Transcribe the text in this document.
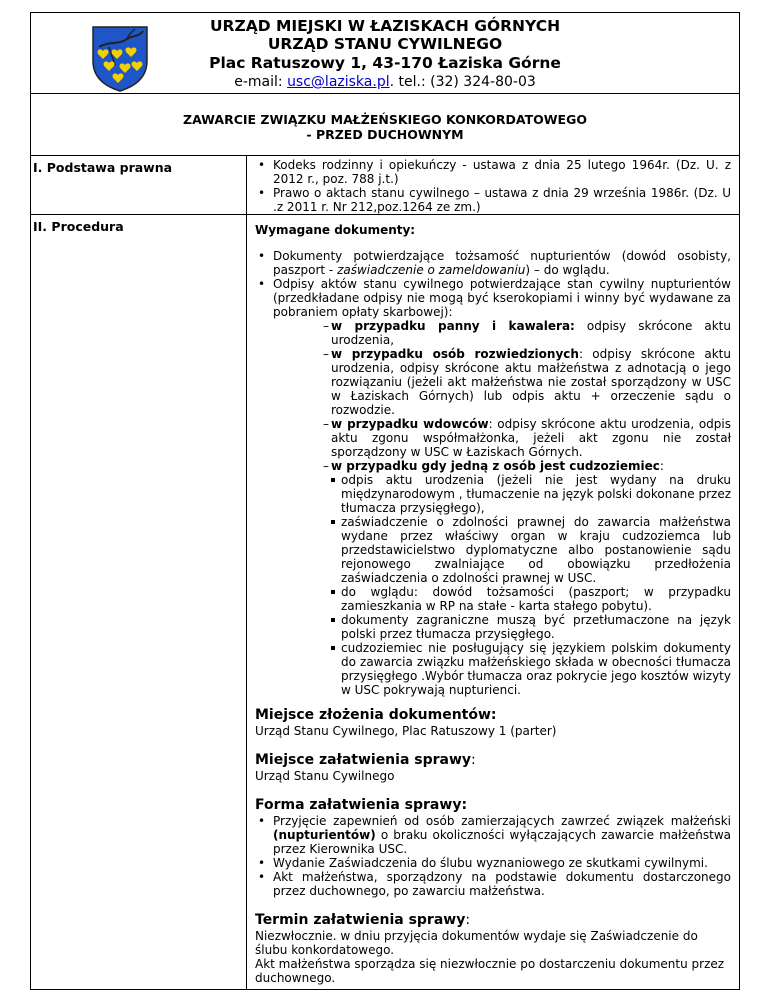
URZĄD MIEJSKI W ŁAZISKACH GÓRNYCH
URZĄD STANU CYWILNEGO
Plac Ratuszowy 1, 43-170 Łaziska Górne
e-mail: usc@laziska.pl. tel.: (32) 324-80-03
ZAWARCIE ZWIĄZKU MAŁŻEŃSKIEGO KONKORDATOWEGO
- PRZED DUCHOWNYM
I. Podstawa prawna
•	Kodeks rodzinny i opiekuńczy - ustawa z dnia 25 lutego 1964r. (Dz. U. z 2012 r., poz. 788 j.t.)
• Prawo o aktach stanu cywilnego – ustawa z dnia 29 września 1986r. (Dz. U .z 2011 r. Nr 212,poz.1264 ze zm.)
II. Procedura	Wymagane dokumenty:
• Dokumenty potwierdzające tożsamość nupturientów (dowód osobisty, paszport - zaświadczenie o zameldowaniu) – do wglądu.
• Odpisy aktów stanu cywilnego potwierdzające stan cywilny nupturientów (przedkładane odpisy nie mogą być kserokopiami i winny być wydawane za pobraniem opłaty skarbowej):
– w przypadku panny i kawalera: odpisy skrócone aktu urodzenia,
– w przypadku osób rozwiedzionych: odpisy skrócone aktu urodzenia, odpisy skrócone aktu małżeństwa z adnotacją o jego rozwiązaniu (jeżeli akt małżeństwa nie został sporządzony w USC w Łaziskach Górnych) lub odpis aktu + orzeczenie sądu o rozwodzie.
– w przypadku wdowców: odpisy skrócone aktu urodzenia, odpis aktu zgonu współmałżonka, jeżeli akt zgonu nie został sporządzony w USC w Łaziskach Górnych.
– w przypadku gdy jedną z osób jest cudzoziemiec:
odpis aktu urodzenia (jeżeli nie jest wydany na druku międzynarodowym , tłumaczenie na język polski dokonane przez tłumacza przysięgłego),
zaświadczenie o zdolności prawnej do zawarcia małżeństwa wydane przez właściwy organ w kraju cudzoziemca lub przedstawicielstwo dyplomatyczne albo postanowienie sądu rejonowego zwalniające od obowiązku przedłożenia zaświadczenia o zdolności prawnej w USC.
do wglądu: dowód tożsamości (paszport; w przypadku zamieszkania w RP na stałe - karta stałego pobytu).
dokumenty zagraniczne muszą być przetłumaczone na język polski przez tłumacza przysięgłego.
cudzoziemiec nie posługujący się językiem polskim dokumenty do zawarcia związku małżeńskiego składa w obecności tłumacza przysięgłego .Wybór tłumacza oraz pokrycie jego kosztów wizyty w USC pokrywają nupturienci.
Miejsce złożenia dokumentów:
Urząd Stanu Cywilnego, Plac Ratuszowy 1 (parter)
Miejsce załatwienia sprawy:
Urząd Stanu Cywilnego
Forma załatwienia sprawy:
• Przyjęcie zapewnień od osób zamierzających zawrzeć związek małżeński (nupturientów) o braku okoliczności wyłączających zawarcie małżeństwa przez Kierownika USC.
• Wydanie Zaświadczenia do ślubu wyznaniowego ze skutkami cywilnymi.
• Akt małżeństwa, sporządzony na podstawie dokumentu dostarczonego przez duchownego, po zawarciu małżeństwa.
Termin załatwienia sprawy:
Niezwłocznie. w dniu przyjęcia dokumentów wydaje się Zaświadczenie do ślubu konkordatowego.
Akt małżeństwa sporządza się niezwłocznie po dostarczeniu dokumentu przez duchownego.
